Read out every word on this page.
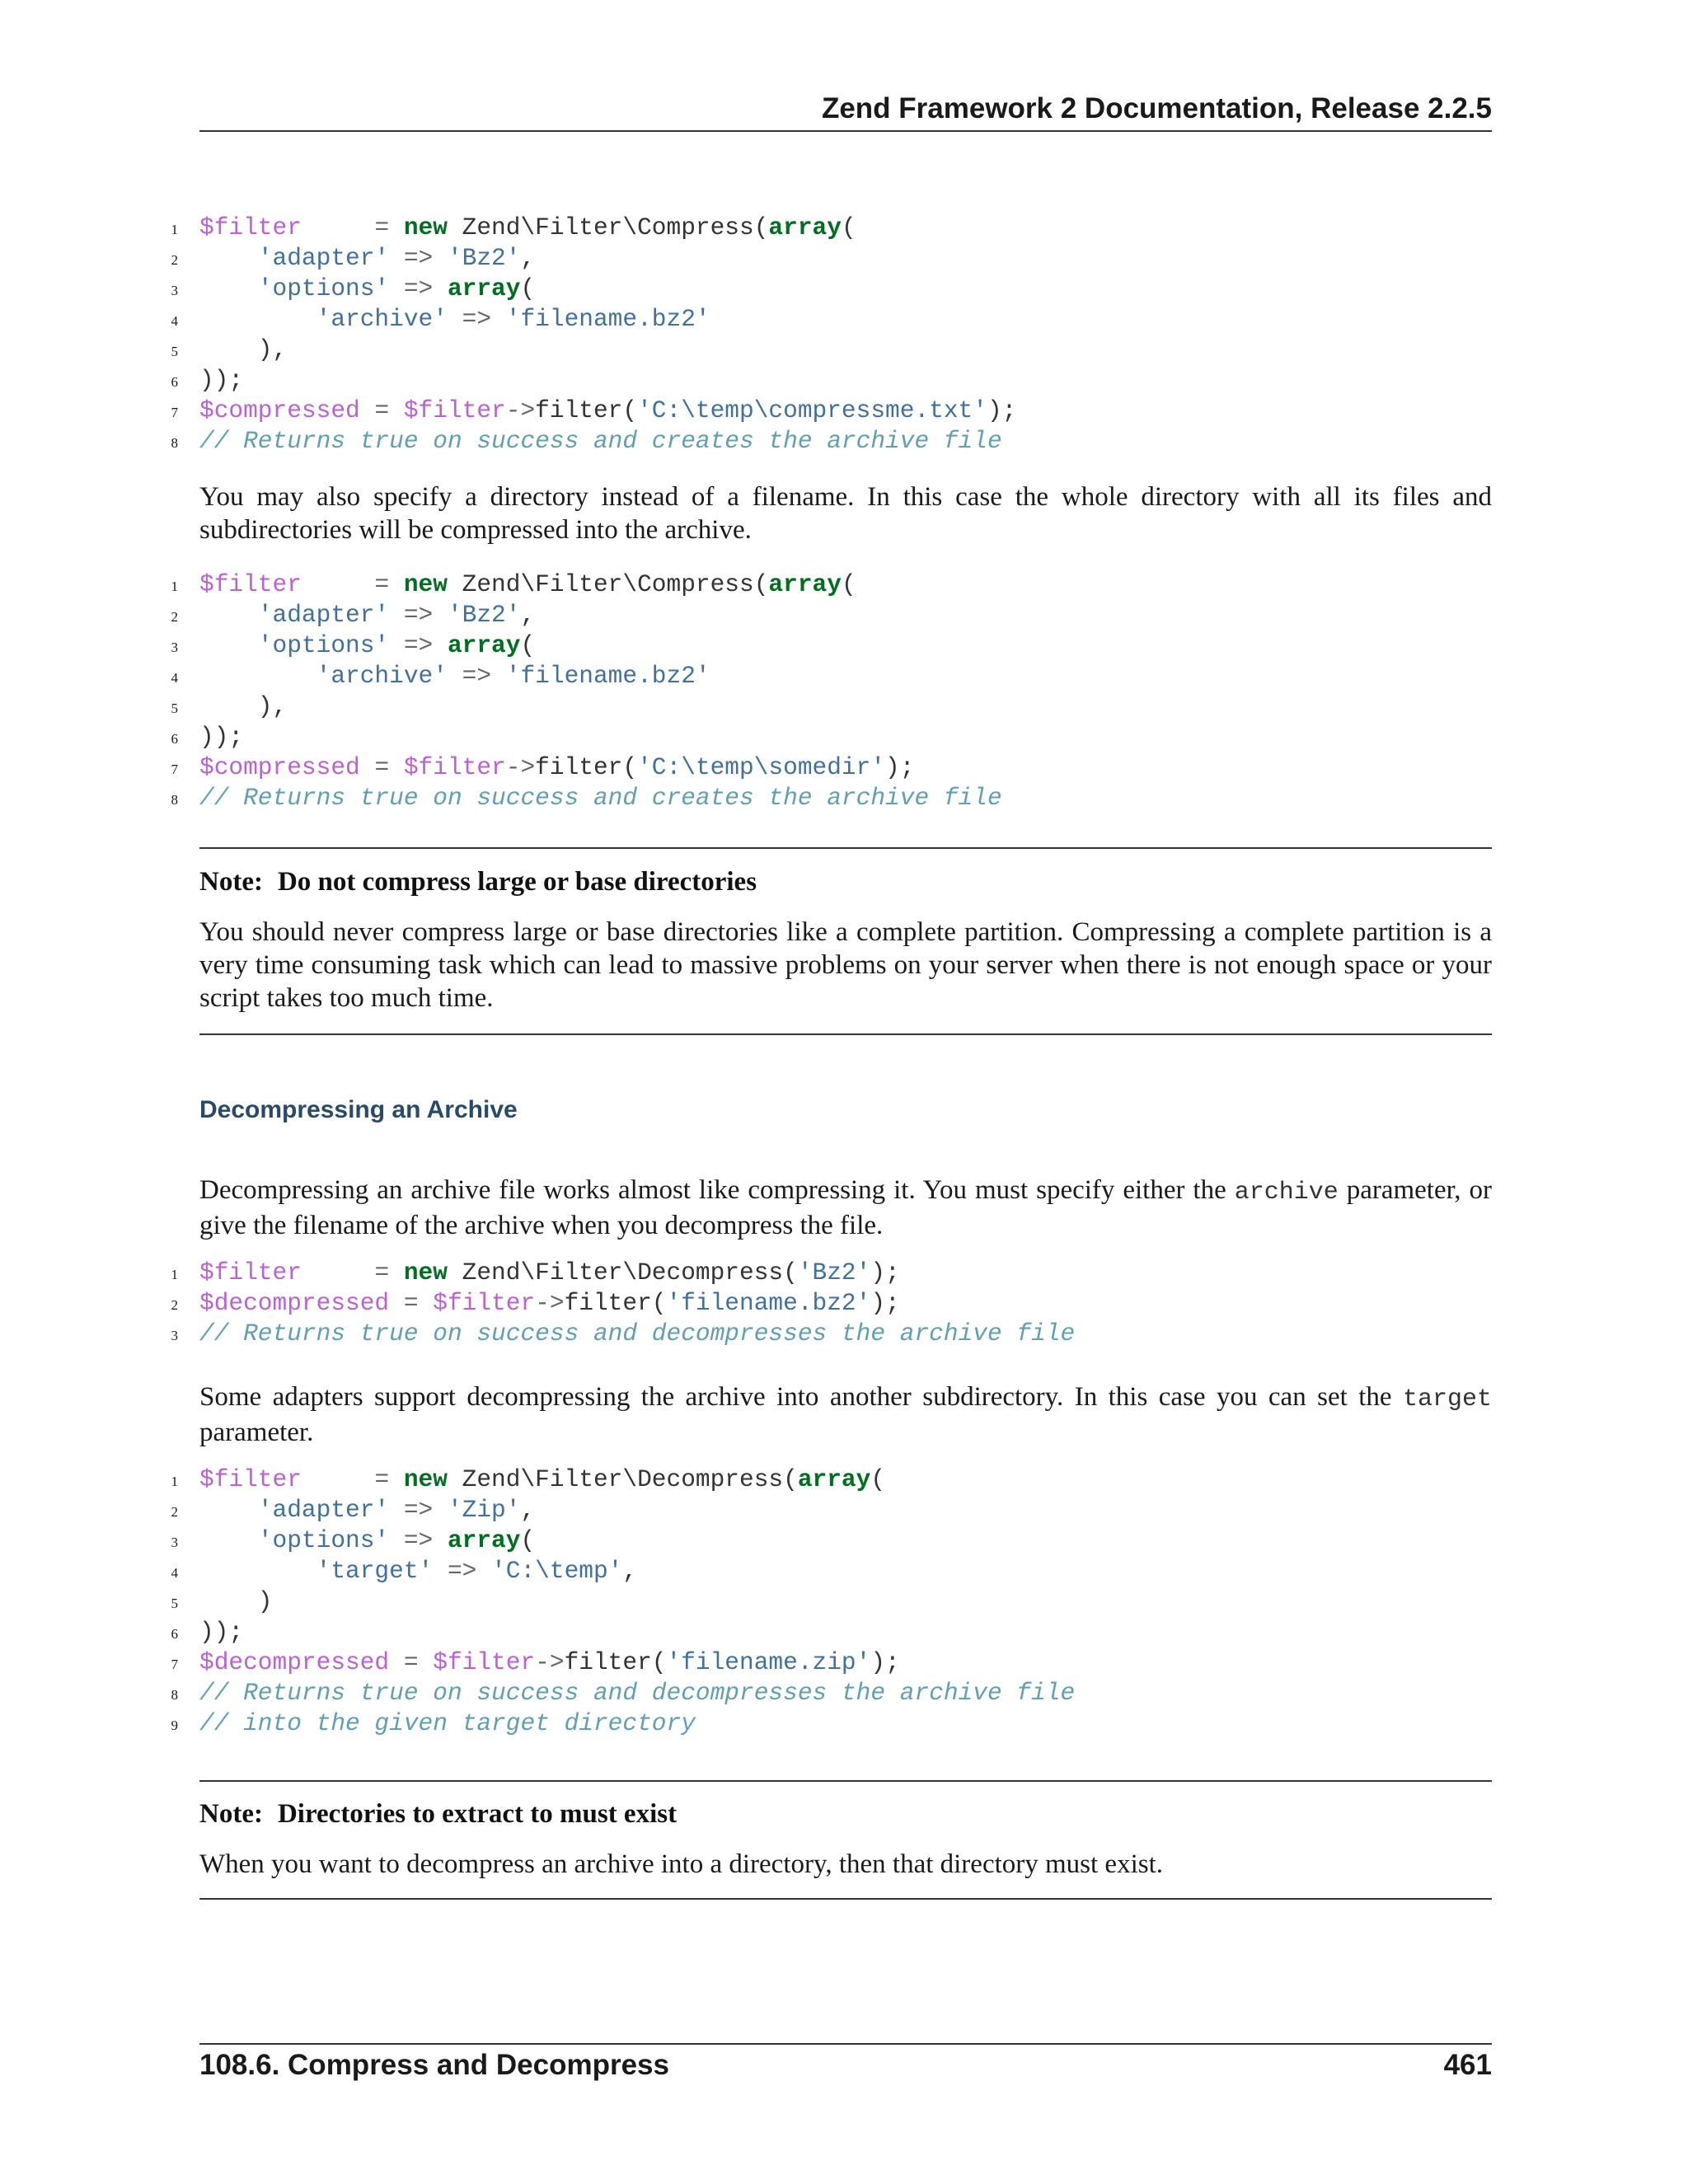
Zend Framework 2 Documentation, Release 2.2.5
1 $filter	= new Zend\Filter\Compress(array(
2	'adapter' => 'Bz2',
3	'options' => array(
4	'archive' => 'filename.bz2'
5 ),
6 ));
7 $compressed = $filter->filter('C:\temp\compressme.txt');
8 // Returns true on success and creates the archive file

You may also specify a directory instead of a filename. In this case the whole directory with all its files and subdirectories will be compressed into the archive.

1 $filter	= new Zend\Filter\Compress(array(
2	'adapter' => 'Bz2',
3	'options' => array(
4	'archive' => 'filename.bz2'
5 ),
6 ));
7 $compressed = $filter->filter('C:\temp\somedir');
8 // Returns true on success and creates the archive file
Note: Do not compress large or base directories

You should never compress large or base directories like a complete partition. Compressing a complete partition is a very time consuming task which can lead to massive problems on your server when there is not enough space or your script takes too much time.

Decompressing an Archive

Decompressing an archive file works almost like compressing it. You must specify either the archive parameter, or give the filename of the archive when you decompress the file.

1 $filter	= new Zend\Filter\Decompress('Bz2');
2 $decompressed = $filter->filter('filename.bz2');
3 // Returns true on success and decompresses the archive file

Some adapters support decompressing the archive into another subdirectory. In this case you can set the target parameter.

1 $filter	= new Zend\Filter\Decompress(array(
2	'adapter' => 'Zip',
3	'options' => array(
4	'target' => 'C:\temp',
5 )
6 ));
7 $decompressed = $filter->filter('filename.zip');
8 // Returns true on success and decompresses the archive file
9 // into the given target directory
Note: Directories to extract to must exist

When you want to decompress an archive into a directory, then that directory must exist.

108.6. Compress and Decompress	461
